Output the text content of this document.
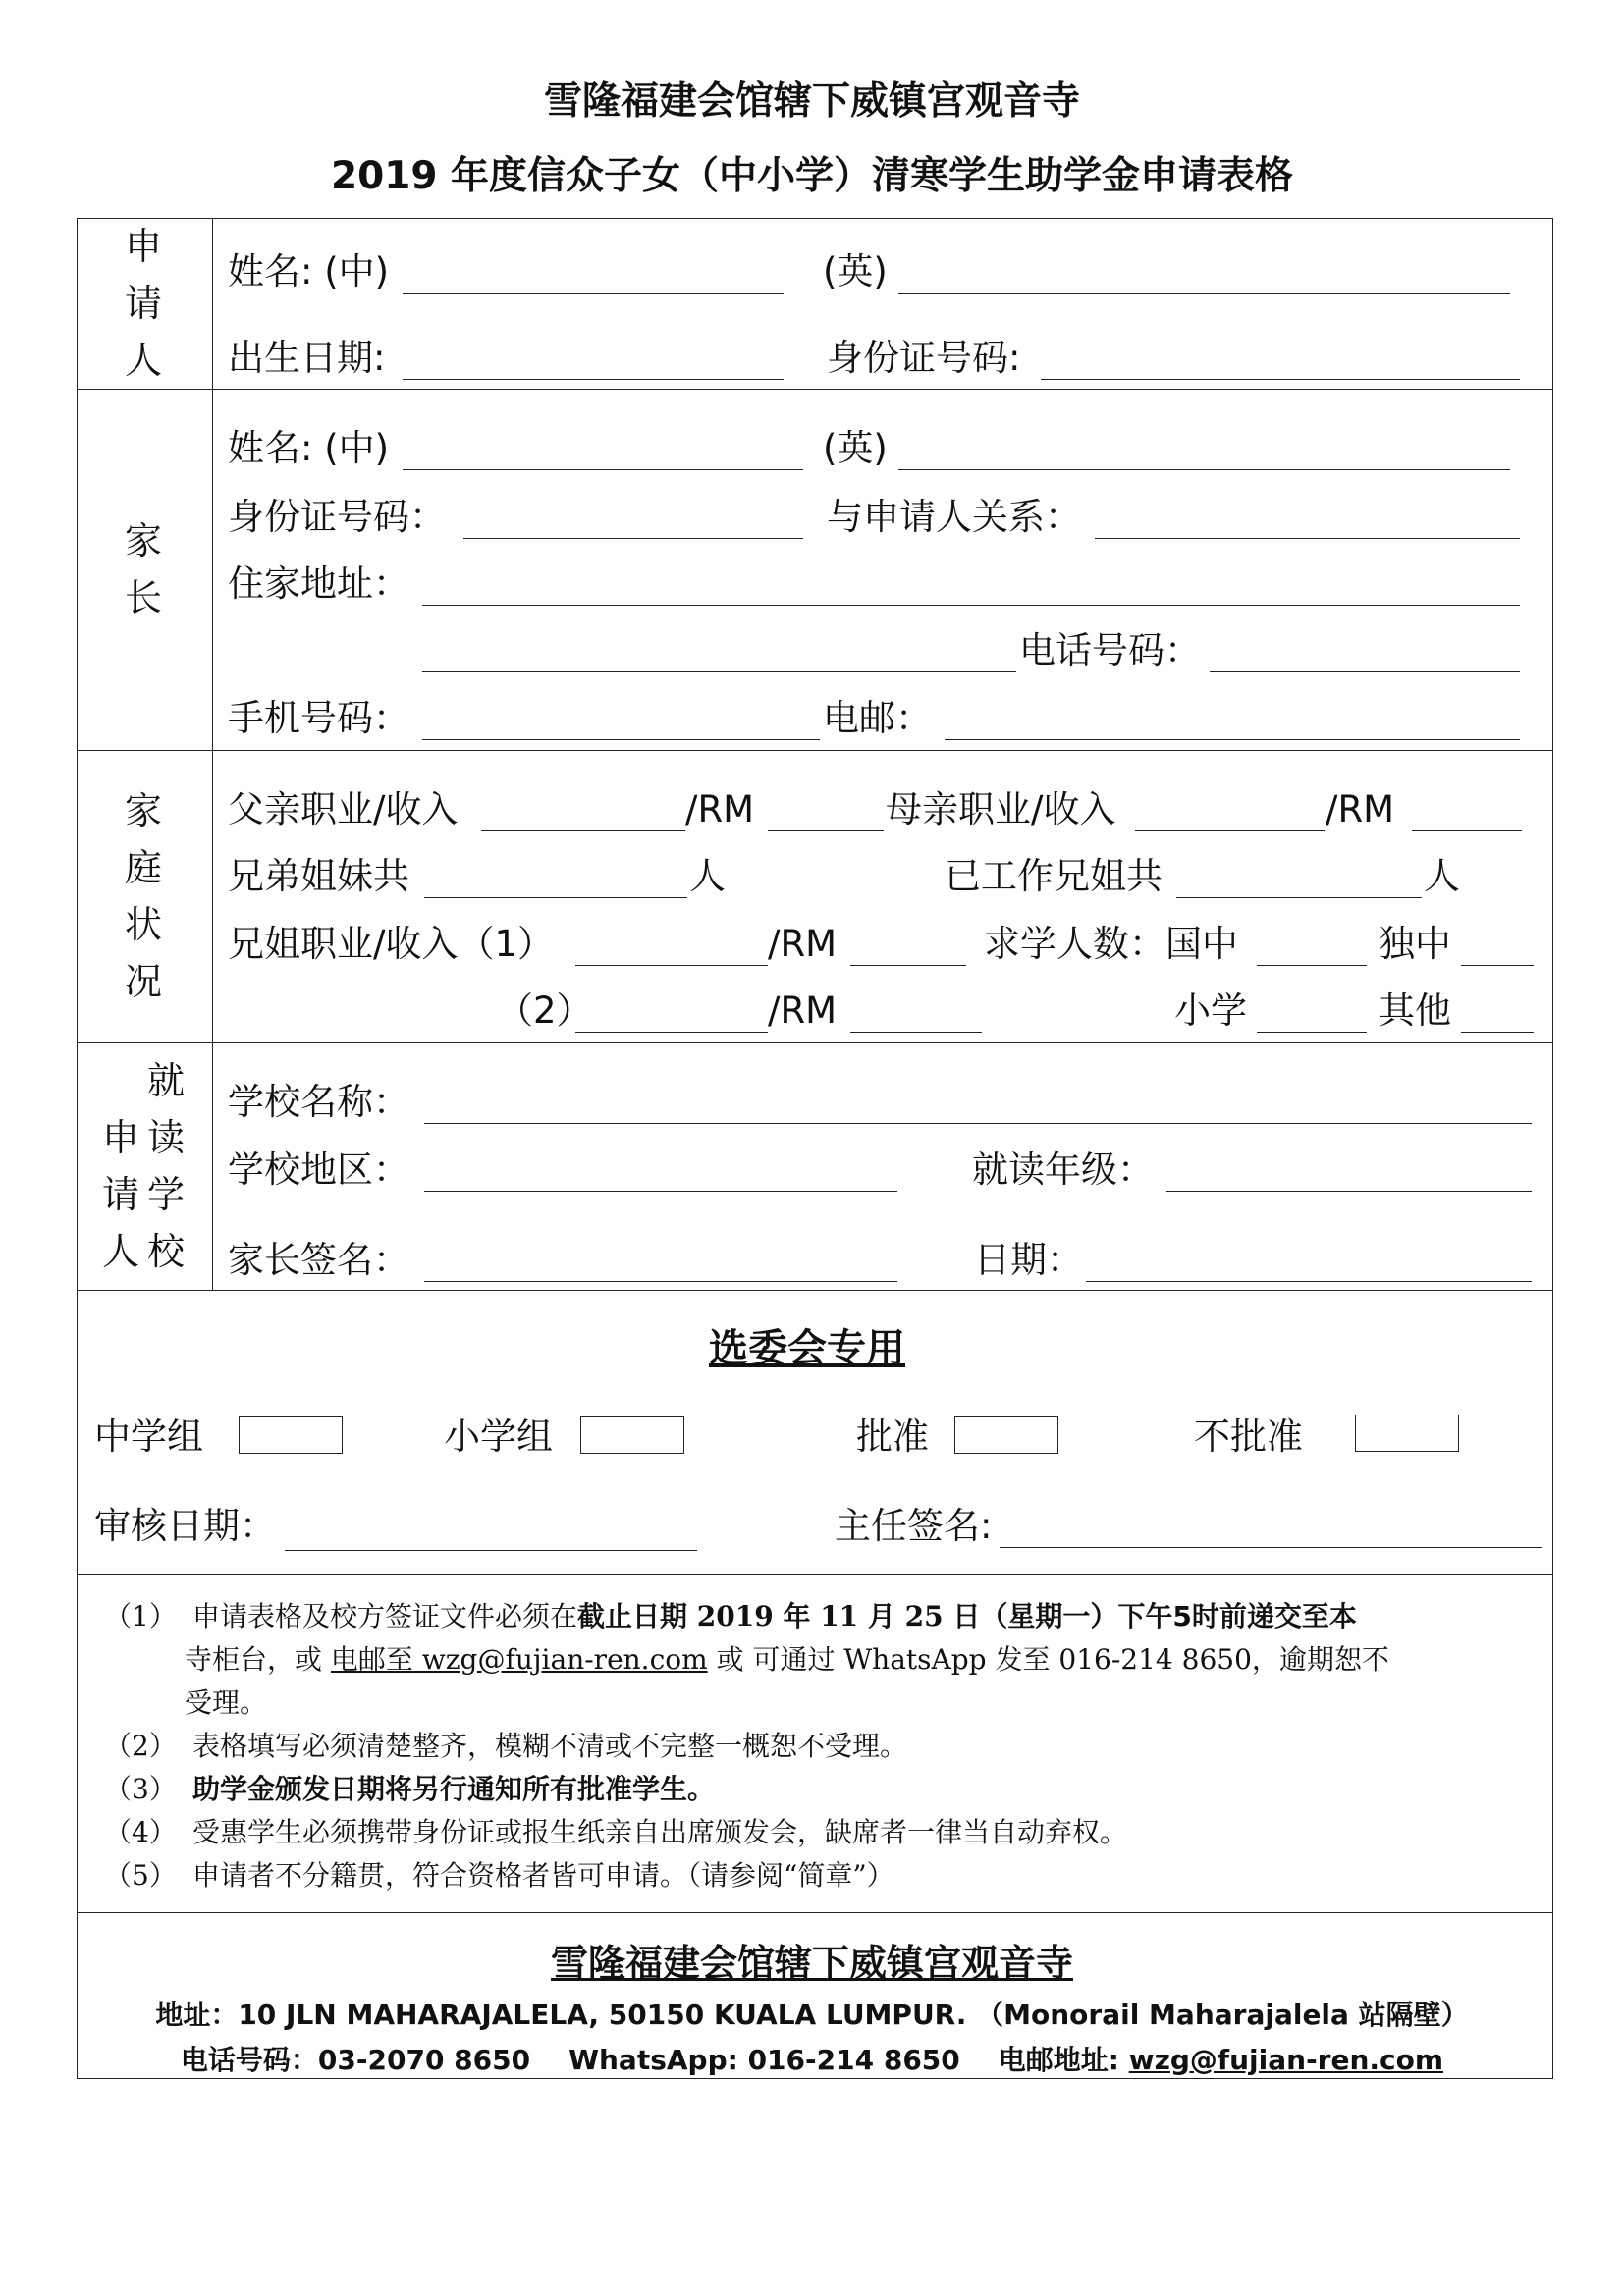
雪隆福建会馆辖下威镇宫观音寺
2019 年度信众子女（中小学）清寒学生助学金申请表格
申
请
人
姓名: (中)	(英)
出生日期:	身份证号码:
家
长
姓名: (中)	(英)
身份证号码：	与申请人关系：
住家地址：
电话号码：
手机号码：	电邮：
家
庭
状
况
父亲职业/收入	/RM	母亲职业/收入	/RM
兄弟姐妹共	人	已工作兄姐共	人
兄姐职业/收入（1）	/RM	求学人数：国中	独中
（2）	/RM	小学	其他
申
请
人
就
读
学
校
学校名称：
学校地区：	就读年级：
家长签名：	日期：
选委会专用
中学组	小学组	批准	不批准
审核日期：	主任签名:
（1） 申请表格及校方签证文件必须在截止日期 2019 年 11 月 25 日（星期一）下午5时前递交至本
寺柜台，或 电邮至 wzg@fujian-ren.com 或 可通过 WhatsApp 发至 016-214 8650，逾期恕不
受理。
（2） 表格填写必须清楚整齐，模糊不清或不完整一概恕不受理。
（3） 助学金颁发日期将另行通知所有批准学生。
（4） 受惠学生必须携带身份证或报生纸亲自出席颁发会，缺席者一律当自动弃权。
（5） 申请者不分籍贯，符合资格者皆可申请。（请参阅“简章”）
雪隆福建会馆辖下威镇宫观音寺
地址：10 JLN MAHARAJALELA, 50150 KUALA LUMPUR. （Monorail Maharajalela 站隔壁）
电话号码：03-2070 8650    WhatsApp: 016-214 8650    电邮地址: wzg@fujian-ren.com
